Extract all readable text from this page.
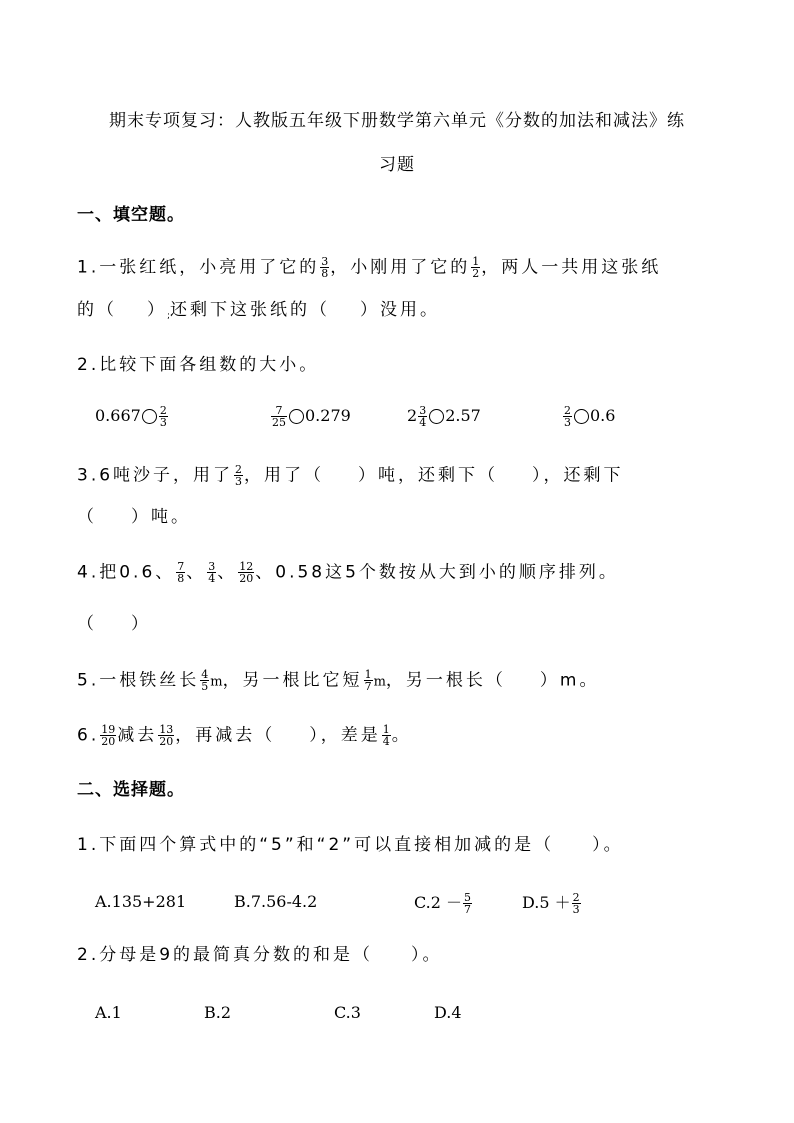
期末专项复习：人教版五年级下册数学第六单元《分数的加法和减法》练
习题
一、填空题。
1.一张红纸，小亮用了它的 $\frac{3}{8}$ ，小刚用了它的 $\frac{1}{2}$ ，两人一共用这张纸
的（ ）;还剩下这张纸的（ ）没用。
2.比较下面各组数的大小。
$0.667 \frac{2}{3}$	$\frac{7}{25} 0.279$	$2 \frac{3}{4} 2.57$	$\frac{2}{3} 0.6$
3.6吨沙子，用了 $\frac{2}{3}$ ，用了（ ）吨，还剩下（ ），还剩下
（ ）吨。
4.把0.6、 $\frac{7}{8}$ 、 $\frac{3}{4}$ 、 $\frac{12}{20}$ 、0.58这5个数按从大到小的顺序排列。
（ ）
5.一根铁丝长 $\frac{4}{5}$ m，另一根比它短 $\frac{1}{7}$ m，另一根长（ ）m。
6. $\frac{19}{20}$ 减去 $\frac{13}{20}$ ，再减去（ ），差是 $\frac{1}{4}$ 。
二、选择题。
1.下面四个算式中的“5”和“2”可以直接相加减的是（ ）。
A.135+281	B.7.56-4.2	$C.2 - \frac{5}{7}$	$D.5 + \frac{2}{3}$
2.分母是9的最简真分数的和是（ ）。
A.1	B.2	C.3	D.4
